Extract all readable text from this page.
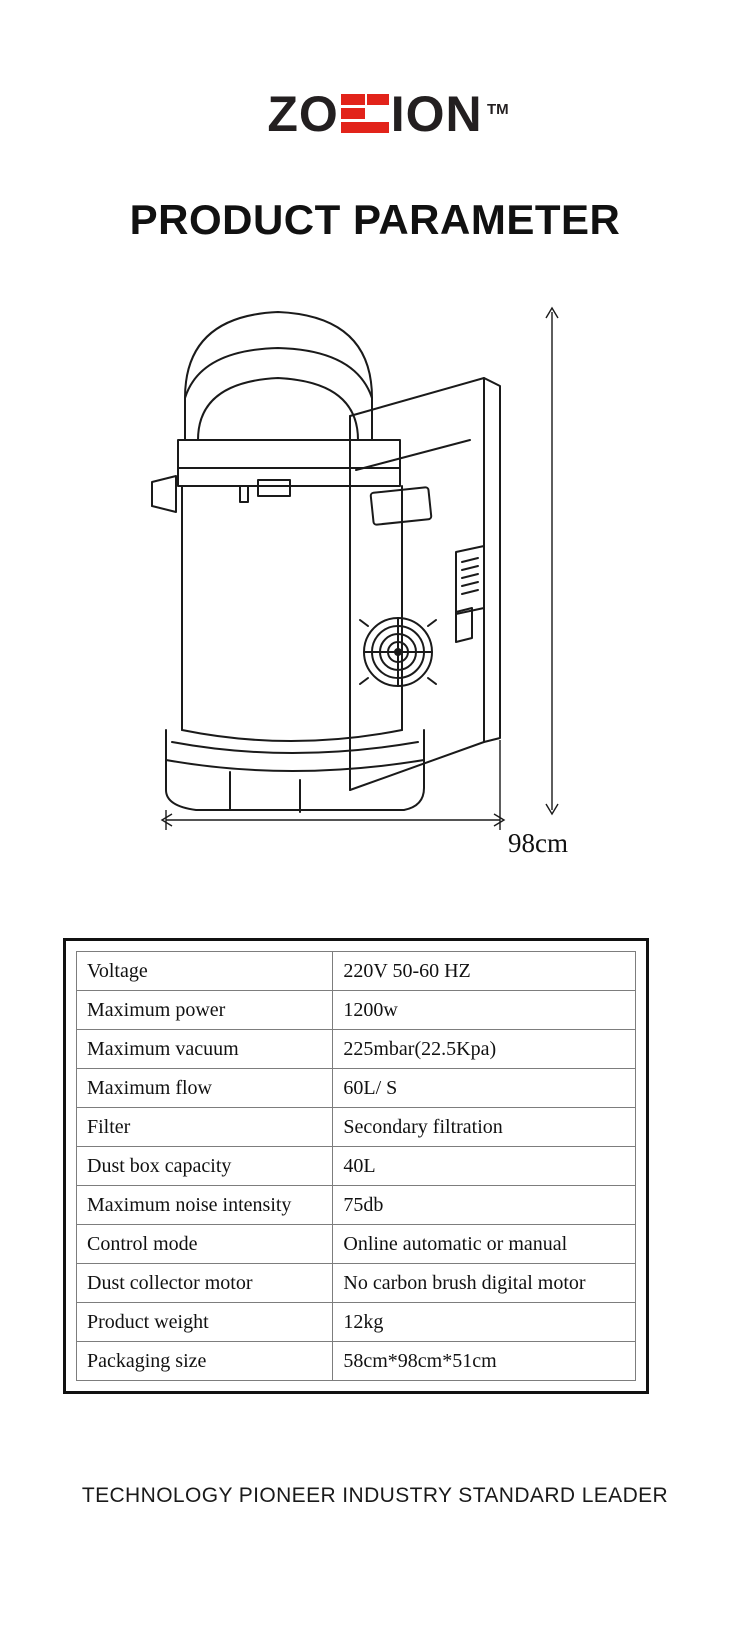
ZO ION TM
PRODUCT PARAMETER
98cm
Voltage	220V 50-60 HZ
Maximum power	1200w
Maximum vacuum	225mbar(22.5Kpa)
Maximum flow	60L/ S
Filter	Secondary filtration
Dust box capacity	40L
Maximum noise intensity	75db
Control mode	Online automatic or manual
Dust collector motor	No carbon brush digital motor
Product weight	12kg
Packaging size	58cm*98cm*51cm
TECHNOLOGY PIONEER INDUSTRY STANDARD LEADER
